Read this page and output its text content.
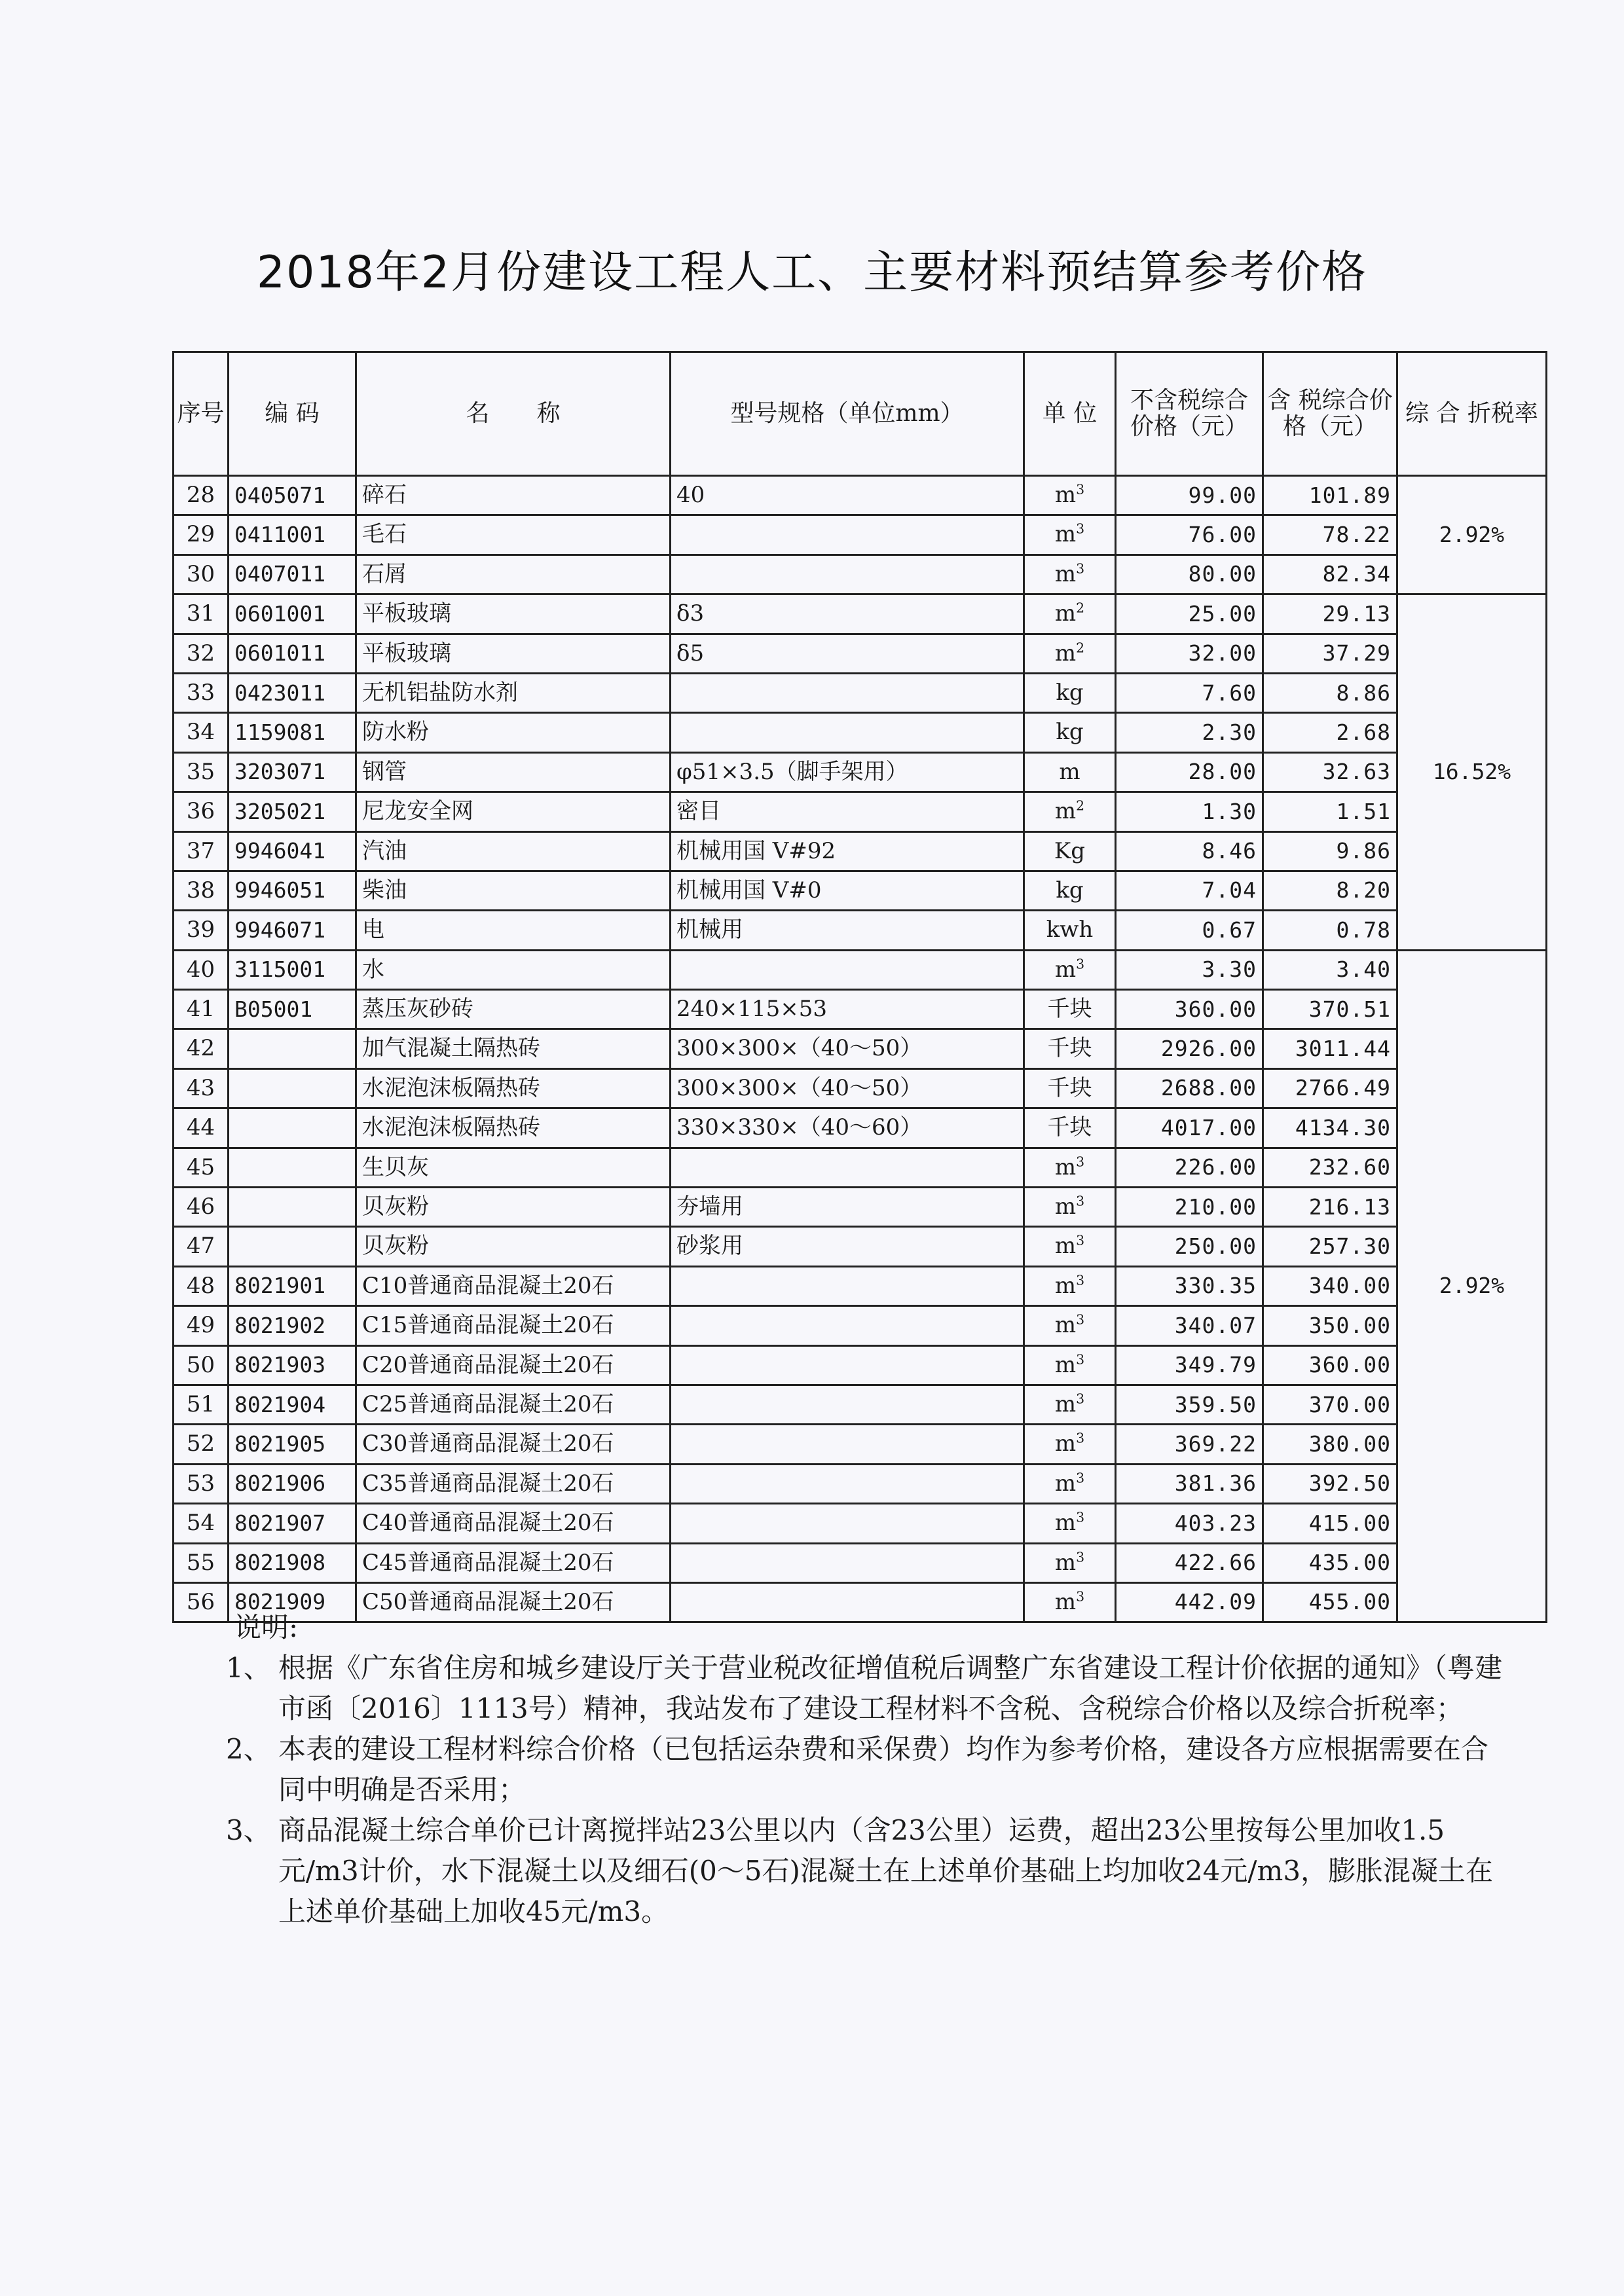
2018年2月份建设工程人工、主要材料预结算参考价格
序号	编 码	名　　称	型号规格（单位mm）	单 位	不含税综合价格（元）	含 税综合价格（元）	综 合 折税率
28	0405071	碎石	40	$m^3$	99.00	101.89	2.92%
29	0411001	毛石		$m^3$	76.00	78.22	
30	0407011	石屑		$m^3$	80.00	82.34	
31	0601001	平板玻璃	δ3	$m^2$	25.00	29.13	16.52%
32	0601011	平板玻璃	δ5	$m^2$	32.00	37.29	
33	0423011	无机铝盐防水剂		kg	7.60	8.86	
34	1159081	防水粉		kg	2.30	2.68	
35	3203071	钢管	φ51×3.5（脚手架用）	m	28.00	32.63	
36	3205021	尼龙安全网	密目	$m^2$	1.30	1.51	
37	9946041	汽油	机械用国 V#92	Kg	8.46	9.86	
38	9946051	柴油	机械用国 V#0	kg	7.04	8.20	
39	9946071	电	机械用	kwh	0.67	0.78	
40	3115001	水		$m^3$	3.30	3.40	2.92%
41	B05001	蒸压灰砂砖	240×115×53	千块	360.00	370.51	
42		加气混凝土隔热砖	300×300×（40～50）	千块	2926.00	3011.44	
43		水泥泡沫板隔热砖	300×300×（40～50）	千块	2688.00	2766.49	
44		水泥泡沫板隔热砖	330×330×（40～60）	千块	4017.00	4134.30	
45		生贝灰		$m^3$	226.00	232.60	
46		贝灰粉	夯墙用	$m^3$	210.00	216.13	
47		贝灰粉	砂浆用	$m^3$	250.00	257.30	
48	8021901	C10普通商品混凝土20石		$m^3$	330.35	340.00	
49	8021902	C15普通商品混凝土20石		$m^3$	340.07	350.00	
50	8021903	C20普通商品混凝土20石		$m^3$	349.79	360.00	
51	8021904	C25普通商品混凝土20石		$m^3$	359.50	370.00	
52	8021905	C30普通商品混凝土20石		$m^3$	369.22	380.00	
53	8021906	C35普通商品混凝土20石		$m^3$	381.36	392.50	
54	8021907	C40普通商品混凝土20石		$m^3$	403.23	415.00	
55	8021908	C45普通商品混凝土20石		$m^3$	422.66	435.00	
56	8021909	C50普通商品混凝土20石		$m^3$	442.09	455.00	
说明:
1、 根据《广东省住房和城乡建设厅关于营业税改征增值税后调整广东省建设工程计价依据的通知》（粤建市函〔2016〕1113号）精神，我站发布了建设工程材料不含税、含税综合价格以及综合折税率；
2、 本表的建设工程材料综合价格（已包括运杂费和采保费）均作为参考价格，建设各方应根据需要在合同中明确是否采用；
3、 商品混凝土综合单价已计离搅拌站23公里以内（含23公里）运费，超出23公里按每公里加收1.5元/m3计价，水下混凝土以及细石(0～5石)混凝土在上述单价基础上均加收24元/m3，膨胀混凝土在上述单价基础上加收45元/m3。
